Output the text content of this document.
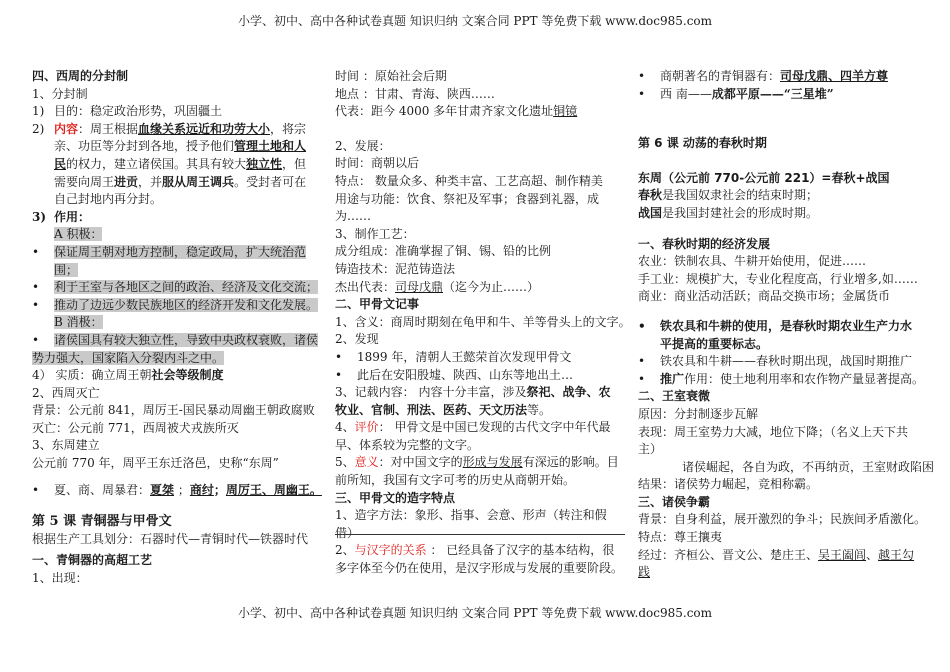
小学、初中、高中各种试卷真题 知识归纳 文案合同 PPT 等免费下载 www.doc985.com
四、西周的分封制
1、分封制
1) 目的：稳定政治形势，巩固疆土
2) 内容：周王根据血缘关系远近和功劳大小，将宗
亲、功臣等分封到各地，授予他们管理土地和人
民的权力，建立诸侯国。其具有较大独立性，但
需要向周王进贡，并服从周王调兵。受封者可在
自己封地内再分封。
3) 作用：
A 积极：
• 保证周王朝对地方控制，稳定政局，扩大统治范
围；
• 利于王室与各地区之间的政治、经济及文化交流；
• 推动了边远少数民族地区的经济开发和文化发展。
B 消极：
• 诸侯国具有较大独立性，导致中央政权衰败，诸侯
势力强大，国家陷入分裂内斗之中。
4） 实质：确立周王朝社会等级制度
2、西周灭亡
背景：公元前 841，周厉王-国民暴动周幽王朝政腐败
灭亡：公元前 771，西周被犬戎族所灭
3、东周建立
公元前 770 年，周平王东迁洛邑，史称“东周”
• 夏、商、周暴君：夏桀 ；商纣；周厉王、周幽王。
第 5 课 青铜器与甲骨文
根据生产工具划分：石器时代—青铜时代—铁器时代
一、青铜器的高超工艺
1、出现：
时间 ：原始社会后期
地点 ：甘肃、青海、陕西……
代表：距今 4000 多年甘肃齐家文化遗址铜镜
2、发展：
时间：商朝以后
特点： 数量众多、种类丰富、工艺高超、制作精美
用途与功能：饮食、祭祀及军事；食器到礼器，成
为……
3、制作工艺：
成分组成：准确掌握了铜、锡、铅的比例
铸造技术：泥范铸造法
杰出代表：司母戊鼎（迄今为止……）
二、甲骨文记事
1、含义：商周时期刻在龟甲和牛、羊等骨头上的文字。
2、发现
• 1899 年，清朝人王懿荣首次发现甲骨文
• 此后在安阳殷墟、陕西、山东等地出土…
3、记载内容： 内容十分丰富，涉及祭祀、战争、农
牧业、官制、刑法、医药、天文历法等。
4、评价： 甲骨文是中国已发现的古代文字中年代最
早、体系较为完整的文字。
5、意义：对中国文字的形成与发展有深远的影响。目
前所知，我国有文字可考的历史从商朝开始。
三、甲骨文的造字特点
1、造字方法：象形、指事、会意、形声（转注和假
借）
2、与汉字的关系 ： 已经具备了汉字的基本结构，很
多字体至今仍在使用，是汉字形成与发展的重要阶段。
• 商朝著名的青铜器有：司母戊鼎、四羊方尊
• 西 南——成都平原——“三星堆”
第 6 课 动荡的春秋时期
东周（公元前 770-公元前 221）=春秋+战国
春秋是我国奴隶社会的结束时期；
战国是我国封建社会的形成时期。
一、春秋时期的经济发展
农业：铁制农具、牛耕开始使用，促进……
手工业：规模扩大，专业化程度高，行业增多,如……
商业：商业活动活跃；商品交换市场；金属货币
• 铁农具和牛耕的使用，是春秋时期农业生产力水
平提高的重要标志。
• 铁农具和牛耕——春秋时期出现，战国时期推广
• 推广作用：使土地利用率和农作物产量显著提高。
二、王室衰微
原因：分封制逐步瓦解
表现：周王室势力大减，地位下降；（名义上天下共
主）
诸侯崛起，各自为政，不再纳贡，王室财政陷困
结果：诸侯势力崛起，竞相称霸。
三、诸侯争霸
背景：自身利益，展开激烈的争斗；民族间矛盾激化。
特点：尊王攘夷
经过：齐桓公、晋文公、楚庄王、吴王阖闾、越王勾
践
小学、初中、高中各种试卷真题 知识归纳 文案合同 PPT 等免费下载 www.doc985.com
